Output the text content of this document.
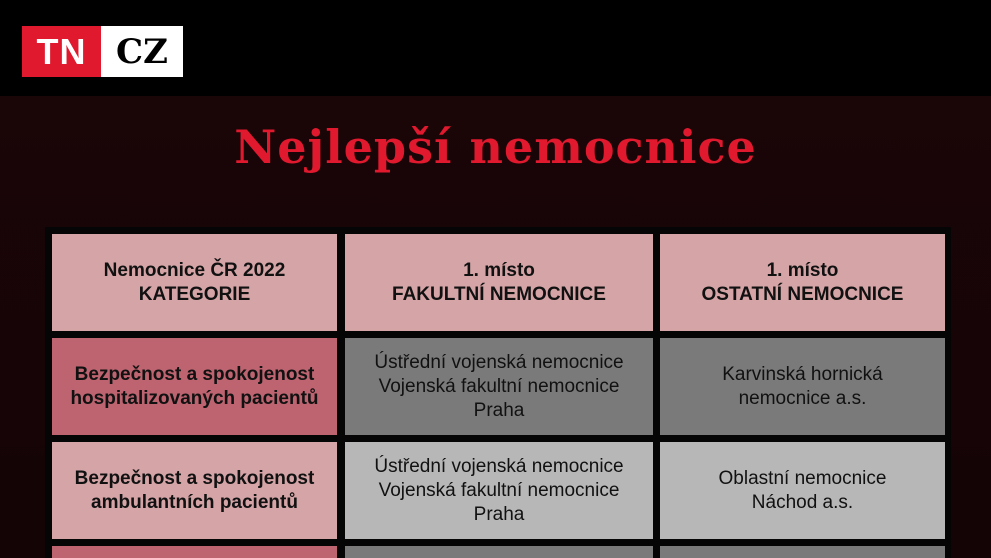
TN CZ
Nejlepší nemocnice
Nemocnice ČR 2022
KATEGORIE
1. místo
FAKULTNÍ NEMOCNICE
1. místo
OSTATNÍ NEMOCNICE
Bezpečnost a spokojenost
hospitalizovaných pacientů
Ústřední vojenská nemocnice
Vojenská fakultní nemocnice
Praha
Karvinská hornická
nemocnice a.s.
Bezpečnost a spokojenost
ambulantních pacientů
Ústřední vojenská nemocnice
Vojenská fakultní nemocnice
Praha
Oblastní nemocnice
Náchod a.s.
